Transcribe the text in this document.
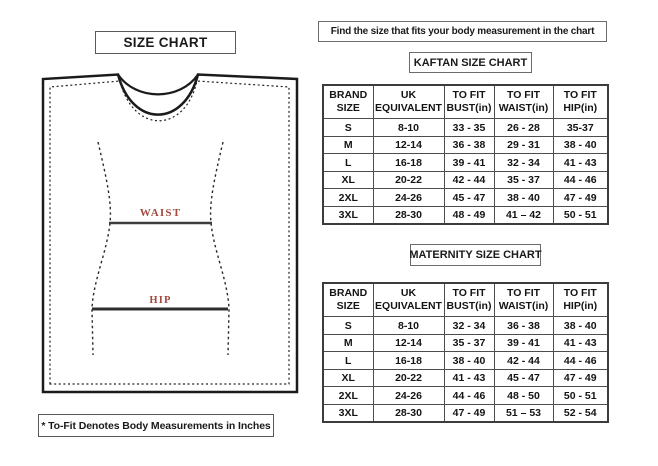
SIZE CHART
WAIST
HIP
* To-Fit Denotes Body Measurements in Inches
Find the size that fits your body measurement in the chart
KAFTAN SIZE CHART
BRAND SIZE	UK EQUIVALENT	TO FIT BUST(in)	TO FIT WAIST(in)	TO FIT HIP(in)
S	8-10	33 - 35	26 - 28	35-37
M	12-14	36 - 38	29 - 31	38 - 40
L	16-18	39 - 41	32 - 34	41 - 43
XL	20-22	42 - 44	35 - 37	44 - 46
2XL	24-26	45 - 47	38 - 40	47 - 49
3XL	28-30	48 - 49	41 – 42	50 - 51
MATERNITY SIZE CHART
BRAND SIZE	UK EQUIVALENT	TO FIT BUST(in)	TO FIT WAIST(in)	TO FIT HIP(in)
S	8-10	32 - 34	36 - 38	38 - 40
M	12-14	35 - 37	39 - 41	41 - 43
L	16-18	38 - 40	42 - 44	44 - 46
XL	20-22	41 - 43	45 - 47	47 - 49
2XL	24-26	44 - 46	48 - 50	50 - 51
3XL	28-30	47 - 49	51 – 53	52 - 54
